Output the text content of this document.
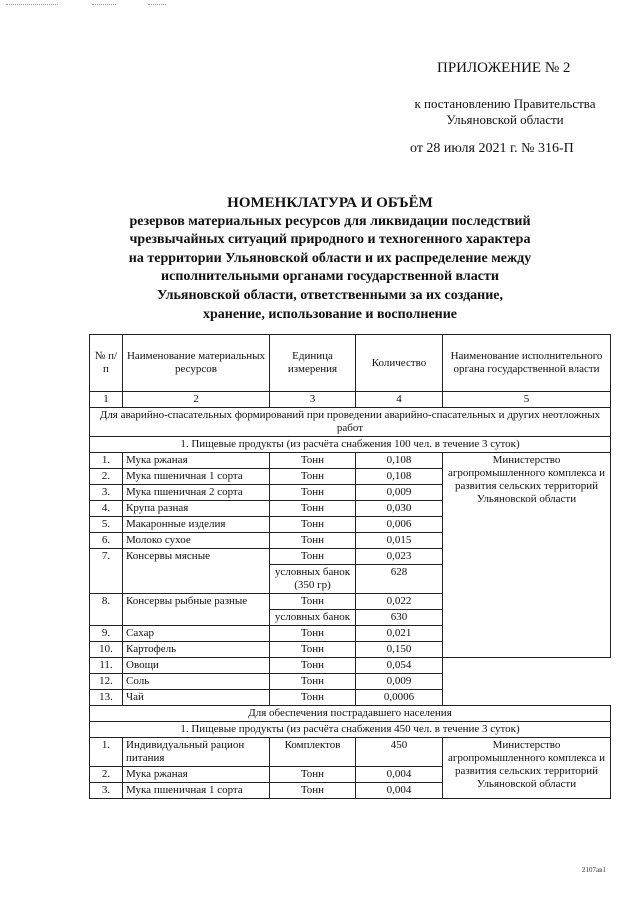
ПРИЛОЖЕНИЕ № 2
к постановлению Правительства
Ульяновской области
от 28 июля 2021 г. № 316-П
НОМЕНКЛАТУРА И ОБЪЁМ
резервов материальных ресурсов для ликвидации последствий
чрезвычайных ситуаций природного и техногенного характера
на территории Ульяновской области и их распределение между
исполнительными органами государственной власти
Ульяновской области, ответственными за их создание,
хранение, использование и восполнение
№ п/п	Наименование материальных ресурсов	Единица измерения	Количество	Наименование исполнительного органа государственной власти
1	2	3	4	5
Для аварийно-спасательных формирований при проведении аварийно-спасательных и других неотложных работ				
1. Пищевые продукты (из расчёта снабжения 100 чел. в течение 3 суток)				
1.	Мука ржаная	Тонн	0,108	Министерство агропромышленного комплекса и развития сельских территорий Ульяновской области
2.	Мука пшеничная 1 сорта	Тонн	0,108	
3.	Мука пшеничная 2 сорта	Тонн	0,009	
4.	Крупа разная	Тонн	0,030	
5.	Макаронные изделия	Тонн	0,006	
6.	Молоко сухое	Тонн	0,015	
7.	Консервы мясные	Тонн	0,023	
		условных банок (350 гр)	628	
8.	Консервы рыбные разные	Тонн	0,022	
		условных банок	630	
9.	Сахар	Тонн	0,021	
10.	Картофель	Тонн	0,150	
11.	Овощи	Тонн	0,054	
12.	Соль	Тонн	0,009	
13.	Чай	Тонн	0,0006	
Для обеспечения пострадавшего населения				
1. Пищевые продукты (из расчёта снабжения 450 чел. в течение 3 суток)				
1.	Индивидуальный рацион питания	Комплектов	450	Министерство агропромышленного комплекса и развития сельских территорий Ульяновской области
2.	Мука ржаная	Тонн	0,004	
3.	Мука пшеничная 1 сорта	Тонн	0,004	
2107ав1
